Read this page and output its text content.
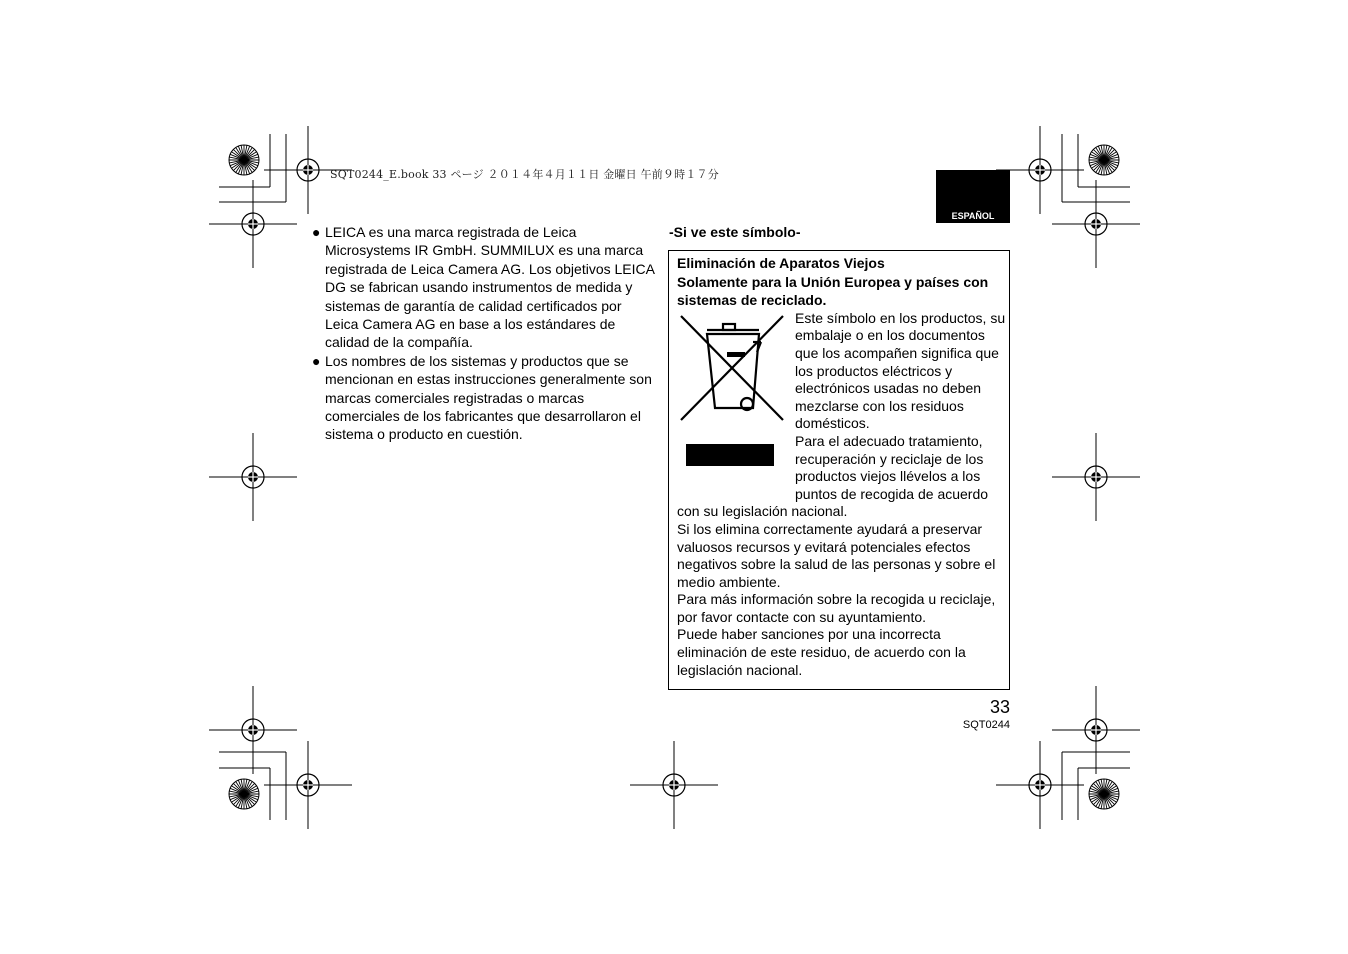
SQT0244_E.book 33 ページ ２０１４年４月１１日 金曜日 午前９時１７分
ESPAÑOL
● LEICA es una marca registrada de Leica Microsystems IR GmbH. SUMMILUX es una marca registrada de Leica Camera AG. Los objetivos LEICA DG se fabrican usando instrumentos de medida y sistemas de garantía de calidad certificados por Leica Camera AG en base a los estándares de calidad de la compañía.
● Los nombres de los sistemas y productos que se mencionan en estas instrucciones generalmente son marcas comerciales registradas o marcas comerciales de los fabricantes que desarrollaron el sistema o producto en cuestión.
-Si ve este símbolo-
Eliminación de Aparatos Viejos
Solamente para la Unión Europea y países con sistemas de reciclado.

Este símbolo en los productos, su embalaje o en los documentos que los acompañen significa que los productos eléctricos y electrónicos usadas no deben mezclarse con los residuos domésticos.

Para el adecuado tratamiento, recuperación y reciclaje de los productos viejos llévelos a los puntos de recogida de acuerdo con su legislación nacional.

Si los elimina correctamente ayudará a preservar valuosos recursos y evitará potenciales efectos negativos sobre la salud de las personas y sobre el medio ambiente.

Para más información sobre la recogida u reciclaje, por favor contacte con su ayuntamiento.

Puede haber sanciones por una incorrecta eliminación de este residuo, de acuerdo con la legislación nacional.

33
SQT0244
